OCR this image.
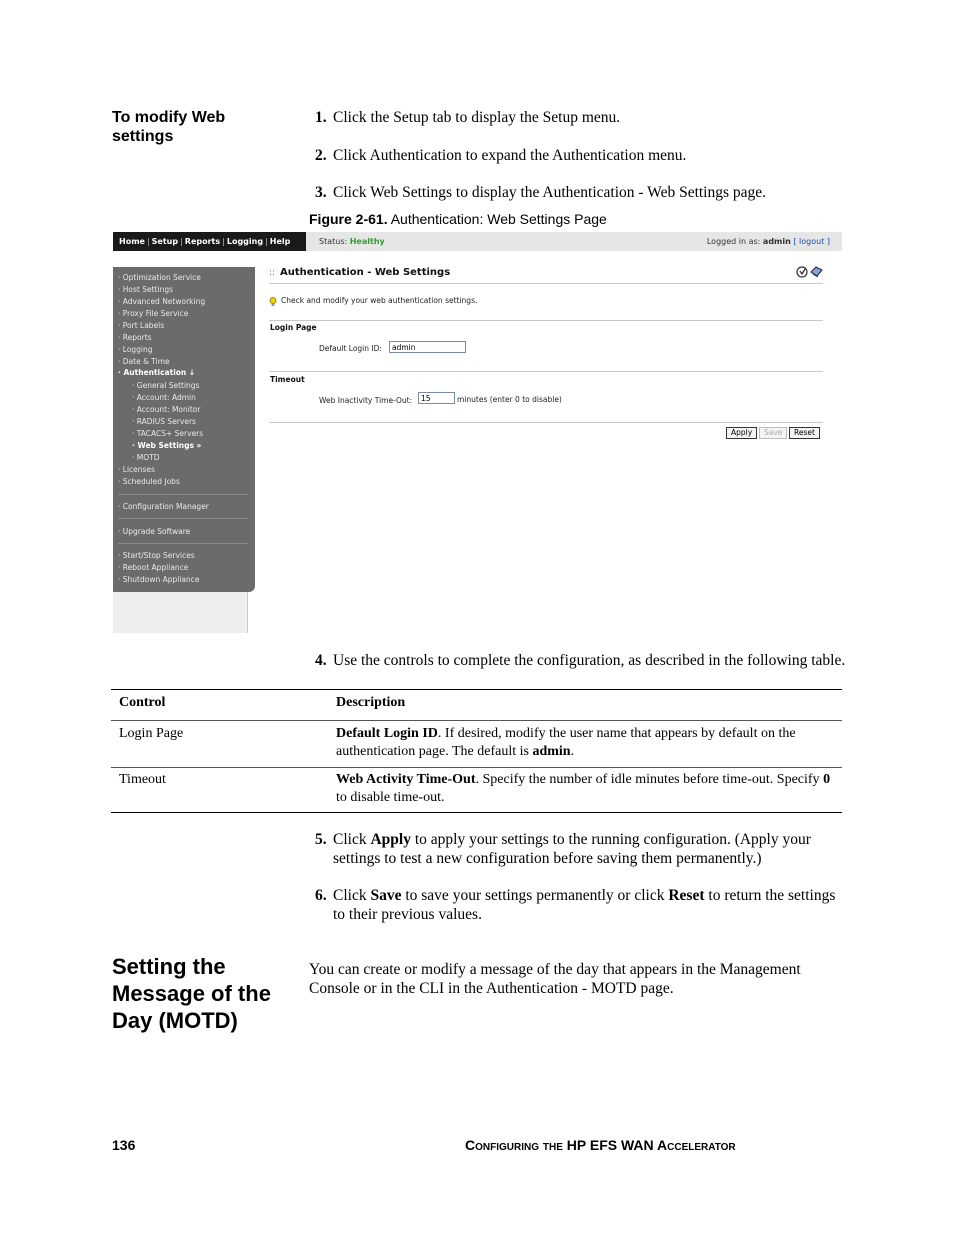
To modify Web settings
1. Click the Setup tab to display the Setup menu.
2. Click Authentication to expand the Authentication menu.
3. Click Web Settings to display the Authentication - Web Settings page.
Figure 2-61. Authentication: Web Settings Page
Home | Setup | Reports | Logging | Help	Status: Healthy	Logged in as: admin [ logout ]
· Optimization Service
· Host Settings
· Advanced Networking
· Proxy File Service
· Port Labels
· Reports
· Logging
· Date & Time
· Authentication ↓
· General Settings
· Account: Admin
· Account: Monitor
· RADIUS Servers
· TACACS+ Servers
· Web Settings »
· MOTD
· Licenses
· Scheduled Jobs
· Configuration Manager
· Upgrade Software
· Start/Stop Services
· Reboot Appliance
· Shutdown Appliance
:: Authentication - Web Settings
Check and modify your web authentication settings.
Login Page
Default Login ID:	admin
Timeout
Web Inactivity Time-Out:	15	minutes (enter 0 to disable)
Apply	Save	Reset
4. Use the controls to complete the configuration, as described in the following table.
Control	Description
Login Page	Default Login ID. If desired, modify the user name that appears by default on the
authentication page. The default is admin.
Timeout	Web Activity Time-Out. Specify the number of idle minutes before time-out. Specify 0
to disable time-out.
5. Click Apply to apply your settings to the running configuration. (Apply your
settings to test a new configuration before saving them permanently.)
6. Click Save to save your settings permanently or click Reset to return the settings
to their previous values.
Setting the
Message of the
Day (MOTD)
You can create or modify a message of the day that appears in the Management
Console or in the CLI in the Authentication - MOTD page.
136	Configuring the HP EFS WAN Accelerator
